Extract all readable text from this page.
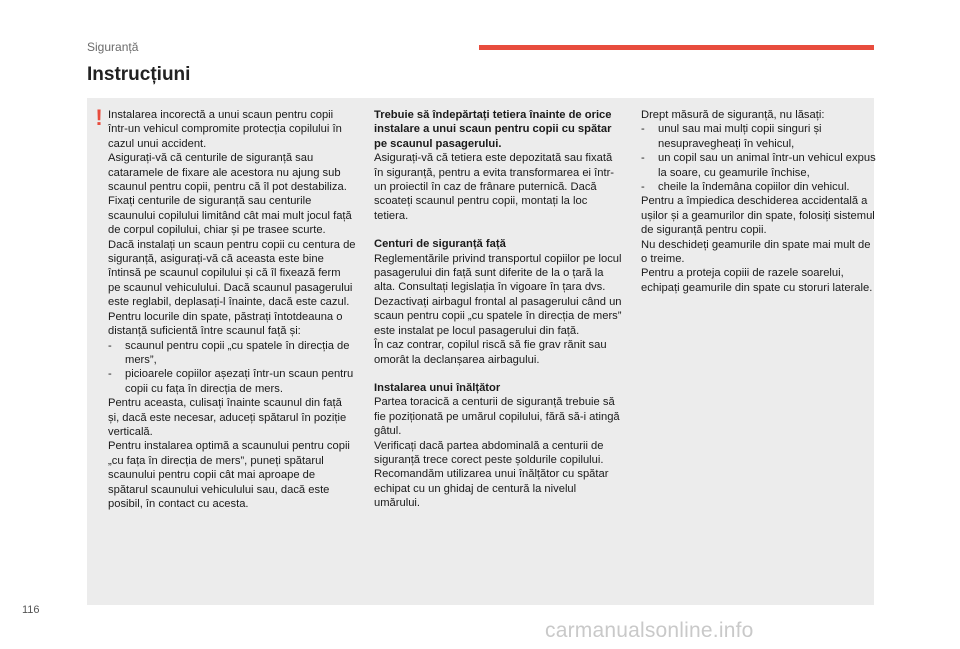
Siguranță
Instrucțiuni
! Instalarea incorectă a unui scaun pentru copii într-un vehicul compromite protecția copilului în cazul unui accident.

Asigurați-vă că centurile de siguranță sau cataramele de fixare ale acestora nu ajung sub scaunul pentru copii, pentru că îl pot destabiliza.

Fixați centurile de siguranță sau centurile scaunului copilului limitând cât mai mult jocul față de corpul copilului, chiar și pe trasee scurte.

Dacă instalați un scaun pentru copii cu centura de siguranță, asigurați-vă că aceasta este bine întinsă pe scaunul copilului și că îl fixează ferm pe scaunul vehiculului. Dacă scaunul pasagerului este reglabil, deplasați-l înainte, dacă este cazul.

Pentru locurile din spate, păstrați întotdeauna o distanță suficientă între scaunul față și:

- scaunul pentru copii „cu spatele în direcția de mers”,

- picioarele copiilor așezați într-un scaun pentru copii cu fața în direcția de mers.

Pentru aceasta, culisați înainte scaunul din față și, dacă este necesar, aduceți spătarul în poziție verticală.

Pentru instalarea optimă a scaunului pentru copii „cu fața în direcția de mers”, puneți spătarul scaunului pentru copii cât mai aproape de spătarul scaunului vehiculului sau, dacă este posibil, în contact cu acesta.

Trebuie să îndepărtați tetiera înainte de orice instalare a unui scaun pentru copii cu spătar pe scaunul pasagerului.

Asigurați-vă că tetiera este depozitată sau fixată în siguranță, pentru a evita transformarea ei într-un proiectil în caz de frânare puternică. Dacă scoateți scaunul pentru copii, montați la loc tetiera.

Centuri de siguranță față

Reglementările privind transportul copiilor pe locul pasagerului din față sunt diferite de la o țară la alta. Consultați legislația în vigoare în țara dvs.

Dezactivați airbagul frontal al pasagerului când un scaun pentru copii „cu spatele în direcția de mers” este instalat pe locul pasagerului din față.

În caz contrar, copilul riscă să fie grav rănit sau omorât la declanșarea airbagului.

Instalarea unui înălțător

Partea toracică a centurii de siguranță trebuie să fie poziționată pe umărul copilului, fără să-i atingă gâtul.

Verificați dacă partea abdominală a centurii de siguranță trece corect peste șoldurile copilului.

Recomandăm utilizarea unui înălțător cu spătar echipat cu un ghidaj de centură la nivelul umărului.

Drept măsură de siguranță, nu lăsați:

- unul sau mai mulți copii singuri și nesupravegheați în vehicul,

- un copil sau un animal într-un vehicul expus la soare, cu geamurile închise,

- cheile la îndemâna copiilor din vehicul.

Pentru a împiedica deschiderea accidentală a ușilor și a geamurilor din spate, folosiți sistemul de siguranță pentru copii.

Nu deschideți geamurile din spate mai mult de o treime.

Pentru a proteja copiii de razele soarelui, echipați geamurile din spate cu storuri laterale.

116
carmanualsonline.info
